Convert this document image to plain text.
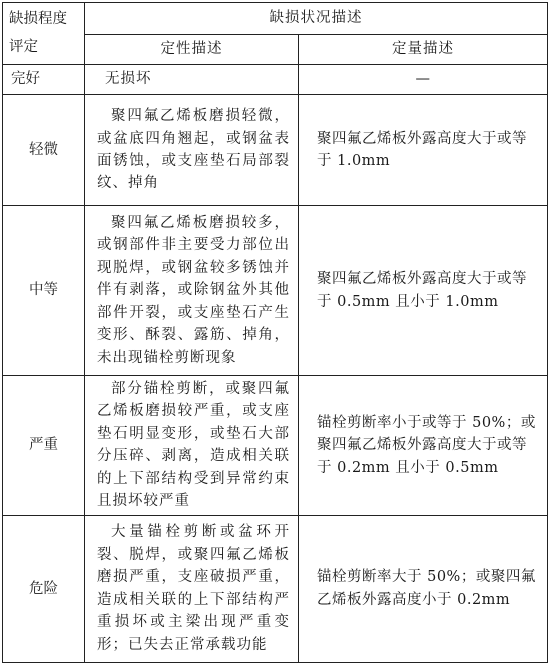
缺损程度
评定	缺损状况描述	
	定性描述	定量描述
完好	无损坏	—
轻微	聚四氟乙烯板磨损轻微，或盆底四角翘起，或钢盆表面锈蚀，或支座垫石局部裂纹、掉角	聚四氟乙烯板外露高度大于或等于 1.0mm
中等	聚四氟乙烯板磨损较多，或钢部件非主要受力部位出现脱焊，或钢盆较多锈蚀并伴有剥落，或除钢盆外其他部件开裂，或支座垫石产生变形、酥裂、露筋、掉角，未出现锚栓剪断现象	聚四氟乙烯板外露高度大于或等于 0.5mm 且小于 1.0mm
严重	部分锚栓剪断，或聚四氟乙烯板磨损较严重，或支座垫石明显变形，或垫石大部分压碎、剥离，造成相关联的上下部结构受到异常约束且损坏较严重	锚栓剪断率小于或等于 50%；或聚四氟乙烯板外露高度大于或等于 0.2mm 且小于 0.5mm
危险	大量锚栓剪断或盆环开裂、脱焊，或聚四氟乙烯板磨损严重，支座破损严重，造成相关联的上下部结构严重损坏或主梁出现严重变形；已失去正常承载功能	锚栓剪断率大于 50%；或聚四氟乙烯板外露高度小于 0.2mm
